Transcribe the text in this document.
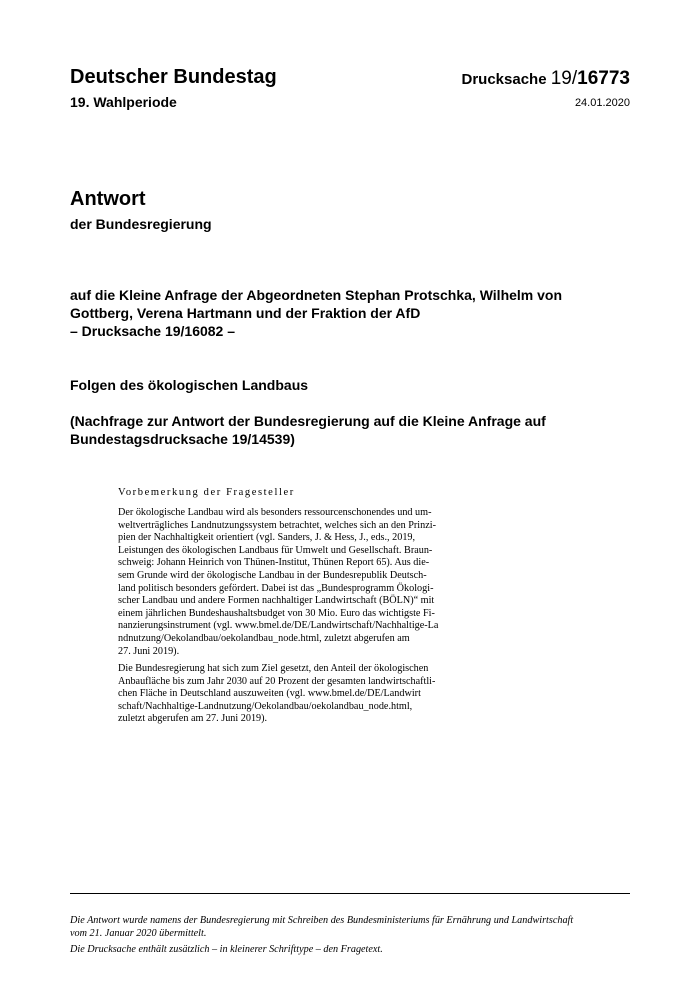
Deutscher Bundestag
19. Wahlperiode
Drucksache 19/16773
24.01.2020
Antwort
der Bundesregierung
auf die Kleine Anfrage der Abgeordneten Stephan Protschka, Wilhelm von
Gottberg, Verena Hartmann und der Fraktion der AfD
– Drucksache 19/16082 –
Folgen des ökologischen Landbaus
(Nachfrage zur Antwort der Bundesregierung auf die Kleine Anfrage auf
Bundestagsdrucksache 19/14539)
Vorbemerkung der Fragesteller
Der ökologische Landbau wird als besonders ressourcenschonendes und um-
weltverträgliches Landnutzungssystem betrachtet, welches sich an den Prinzi-
pien der Nachhaltigkeit orientiert (vgl. Sanders, J. & Hess, J., eds., 2019,
Leistungen des ökologischen Landbaus für Umwelt und Gesellschaft. Braun-
schweig: Johann Heinrich von Thünen-Institut, Thünen Report 65). Aus die-
sem Grunde wird der ökologische Landbau in der Bundesrepublik Deutsch-
land politisch besonders gefördert. Dabei ist das „Bundesprogramm Ökologi-
scher Landbau und andere Formen nachhaltiger Landwirtschaft (BÖLN)“ mit
einem jährlichen Bundeshaushaltsbudget von 30 Mio. Euro das wichtigste Fi-
nanzierungsinstrument (vgl. www.bmel.de/DE/Landwirtschaft/Nachhaltige-La
ndnutzung/Oekolandbau/oekolandbau_node.html, zuletzt abgerufen am
27. Juni 2019).
Die Bundesregierung hat sich zum Ziel gesetzt, den Anteil der ökologischen
Anbaufläche bis zum Jahr 2030 auf 20 Prozent der gesamten landwirtschaftli-
chen Fläche in Deutschland auszuweiten (vgl. www.bmel.de/DE/Landwirt
schaft/Nachhaltige-Landnutzung/Oekolandbau/oekolandbau_node.html,
zuletzt abgerufen am 27. Juni 2019).
Die Antwort wurde namens der Bundesregierung mit Schreiben des Bundesministeriums für Ernährung und Landwirtschaft
vom 21. Januar 2020 übermittelt.
Die Drucksache enthält zusätzlich – in kleinerer Schrifttype – den Fragetext.
